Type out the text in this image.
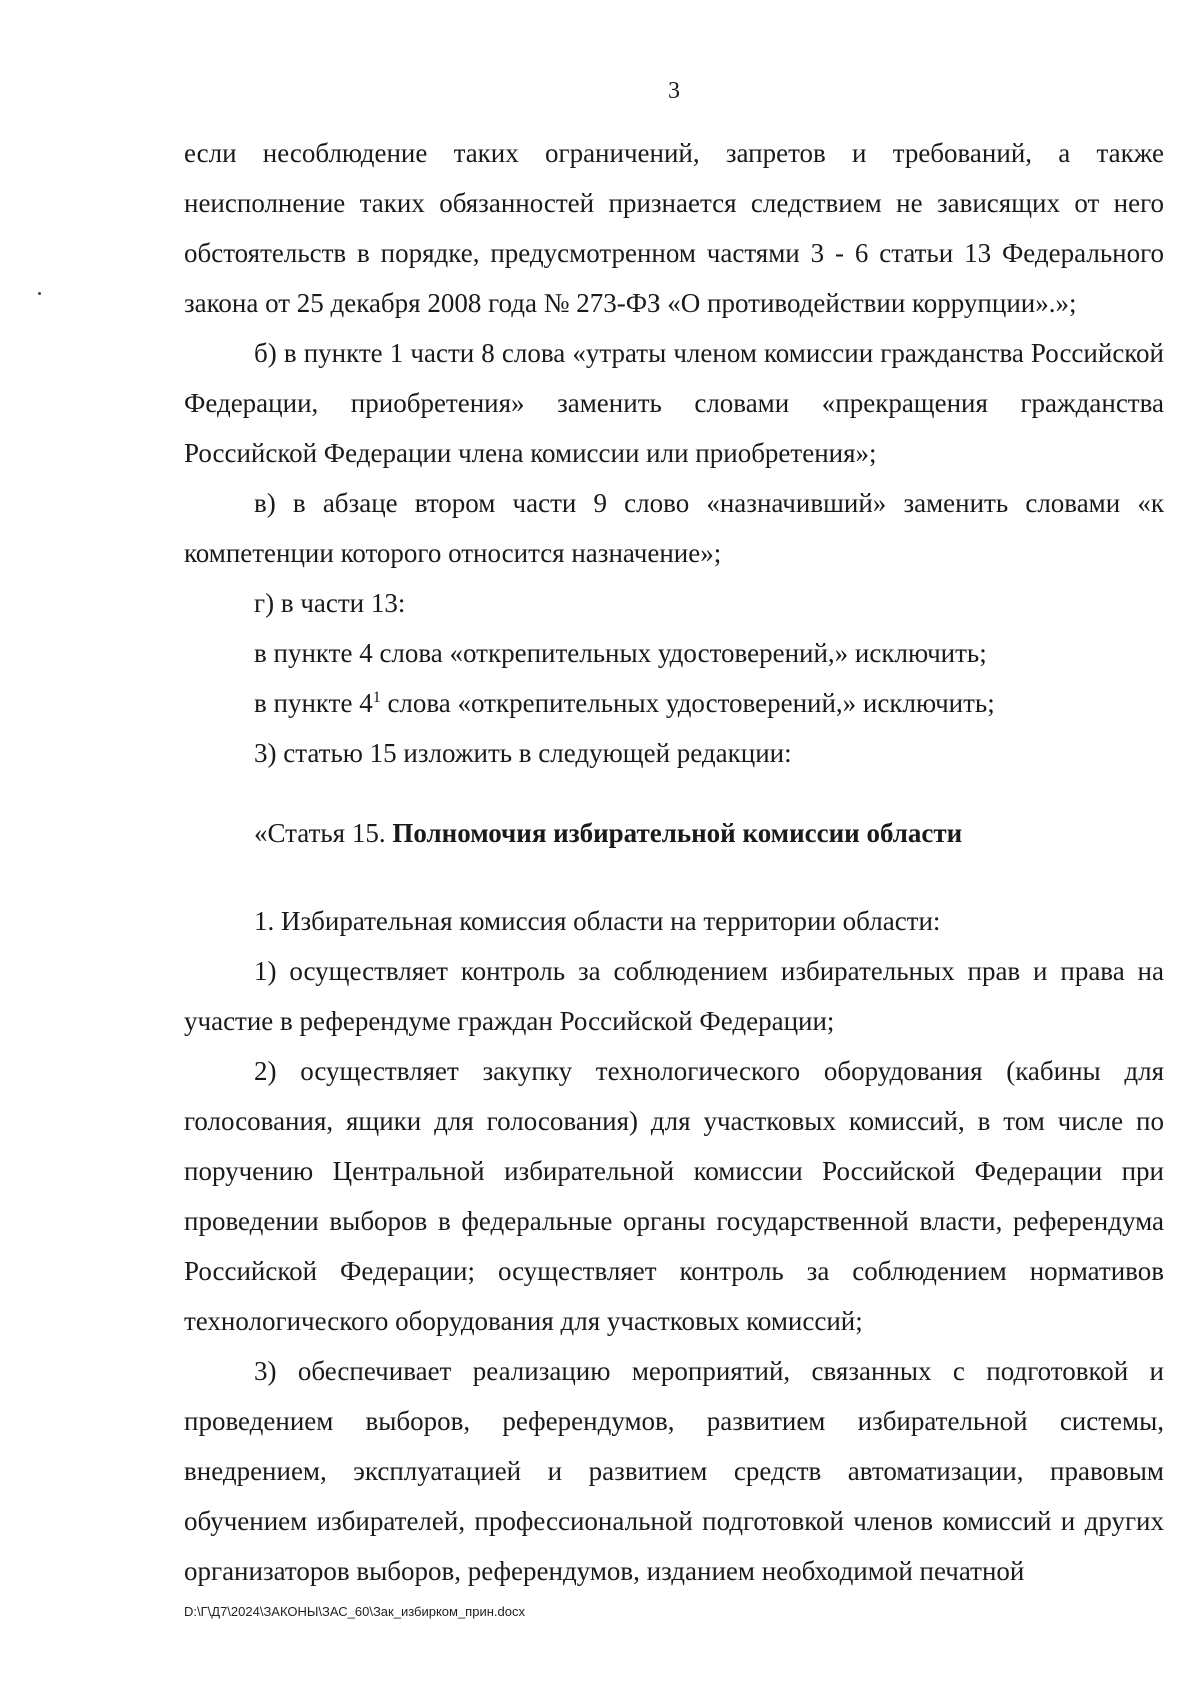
3

если несоблюдение таких ограничений, запретов и требований, а также неисполнение таких обязанностей признается следствием не зависящих от него обстоятельств в порядке, предусмотренном частями 3 - 6 статьи 13 Федерального закона от 25 декабря 2008 года № 273-ФЗ «О противодействии коррупции».»;

б) в пункте 1 части 8 слова «утраты членом комиссии гражданства Российской Федерации, приобретения» заменить словами «прекращения гражданства Российской Федерации члена комиссии или приобретения»;

в) в абзаце втором части 9 слово «назначивший» заменить словами «к компетенции которого относится назначение»;

г) в части 13:

в пункте 4 слова «открепительных удостоверений,» исключить;

в пункте $4^1$ слова «открепительных удостоверений,» исключить;

3) статью 15 изложить в следующей редакции:

«Статья 15. Полномочия избирательной комиссии области

1. Избирательная комиссия области на территории области:

1) осуществляет контроль за соблюдением избирательных прав и права на участие в референдуме граждан Российской Федерации;

2) осуществляет закупку технологического оборудования (кабины для голосования, ящики для голосования) для участковых комиссий, в том числе по поручению Центральной избирательной комиссии Российской Федерации при проведении выборов в федеральные органы государственной власти, референдума Российской Федерации; осуществляет контроль за соблюдением нормативов технологического оборудования для участковых комиссий;

3) обеспечивает реализацию мероприятий, связанных с подготовкой и проведением выборов, референдумов, развитием избирательной системы, внедрением, эксплуатацией и развитием средств автоматизации, правовым обучением избирателей, профессиональной подготовкой членов комиссий и других организаторов выборов, референдумов, изданием необходимой печатной

D:\Г\Д7\2024\ЗАКОНЫ\ЗАС_60\Зак_избирком_прин.docx
